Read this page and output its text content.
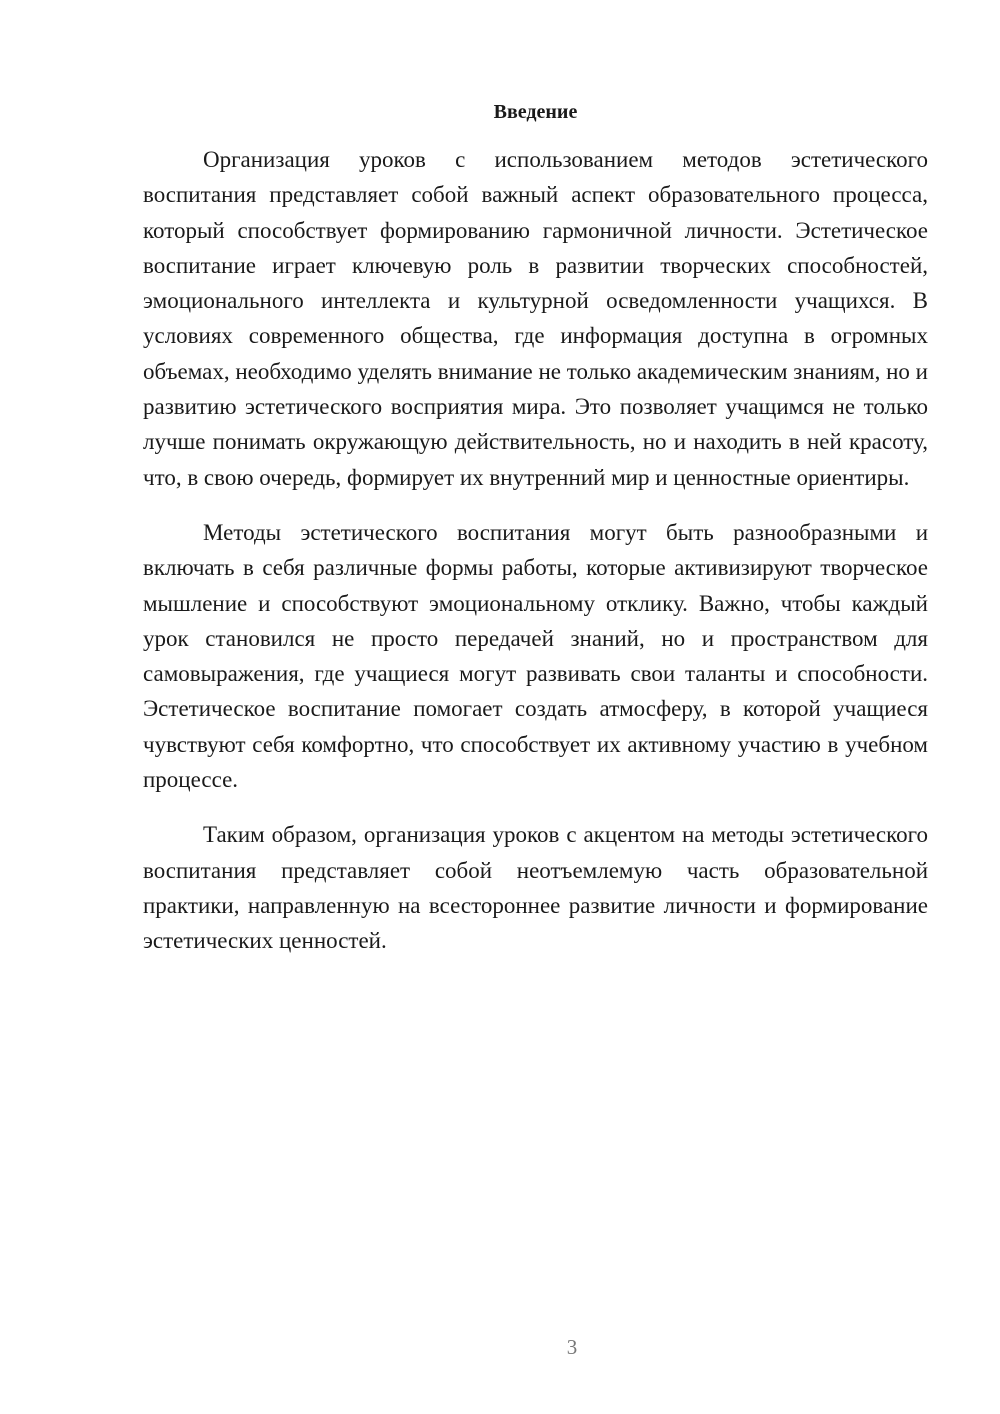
Введение

Организация уроков с использованием методов эстетического воспитания представляет собой важный аспект образовательного процесса, который способствует формированию гармоничной личности. Эстетическое воспитание играет ключевую роль в развитии творческих способностей, эмоционального интеллекта и культурной осведомленности учащихся. В условиях современного общества, где информация доступна в огромных объемах, необходимо уделять внимание не только академическим знаниям, но и развитию эстетического восприятия мира. Это позволяет учащимся не только лучше понимать окружающую действительность, но и находить в ней красоту, что, в свою очередь, формирует их внутренний мир и ценностные ориентиры.

Методы эстетического воспитания могут быть разнообразными и включать в себя различные формы работы, которые активизируют творческое мышление и способствуют эмоциональному отклику. Важно, чтобы каждый урок становился не просто передачей знаний, но и пространством для самовыражения, где учащиеся могут развивать свои таланты и способности. Эстетическое воспитание помогает создать атмосферу, в которой учащиеся чувствуют себя комфортно, что способствует их активному участию в учебном процессе.

Таким образом, организация уроков с акцентом на методы эстетического воспитания представляет собой неотъемлемую часть образовательной практики, направленную на всестороннее развитие личности и формирование эстетических ценностей.

3
